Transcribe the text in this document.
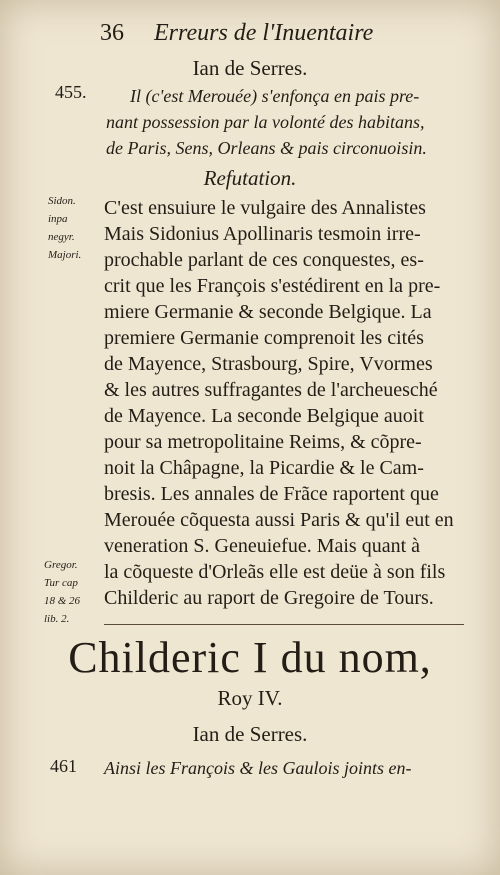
36 Erreurs de l'Inuentaire
Ian de Serres.
455. Il (c'est Merouée) s'enfonça en pais pre-
nant possession par la volonté des habitans,
de Paris, Sens, Orleans & pais circonuoisin.
Refutation.
Sidon.
inpa
negyr.
Majori.
C'est ensuiure le vulgaire des Annalistes
Mais Sidonius Apollinaris tesmoin irre-
prochable parlant de ces conquestes, es-
crit que les François s'estédirent en la pre-
miere Germanie & seconde Belgique. La
premiere Germanie comprenoit les cités
de Mayence, Strasbourg, Spire, Vvormes
& les autres suffragantes de l'archeuesché
de Mayence. La seconde Belgique auoit
pour sa metropolitaine Reims, & cõpre-
noit la Châpagne, la Picardie & le Cam-
bresis. Les annales de Frãce raportent que
Merouée cõquesta aussi Paris & qu'il eut en
veneration S. Geneuiefue. Mais quant à
la cõqueste d'Orleãs elle est deüe à son fils
Childeric au raport de Gregoire de Tours.
Gregor.
Tur cap
18 & 26
lib. 2.
Childeric I du nom,
Roy IV.
Ian de Serres.
461 Ainsi les François & les Gaulois joints en-
